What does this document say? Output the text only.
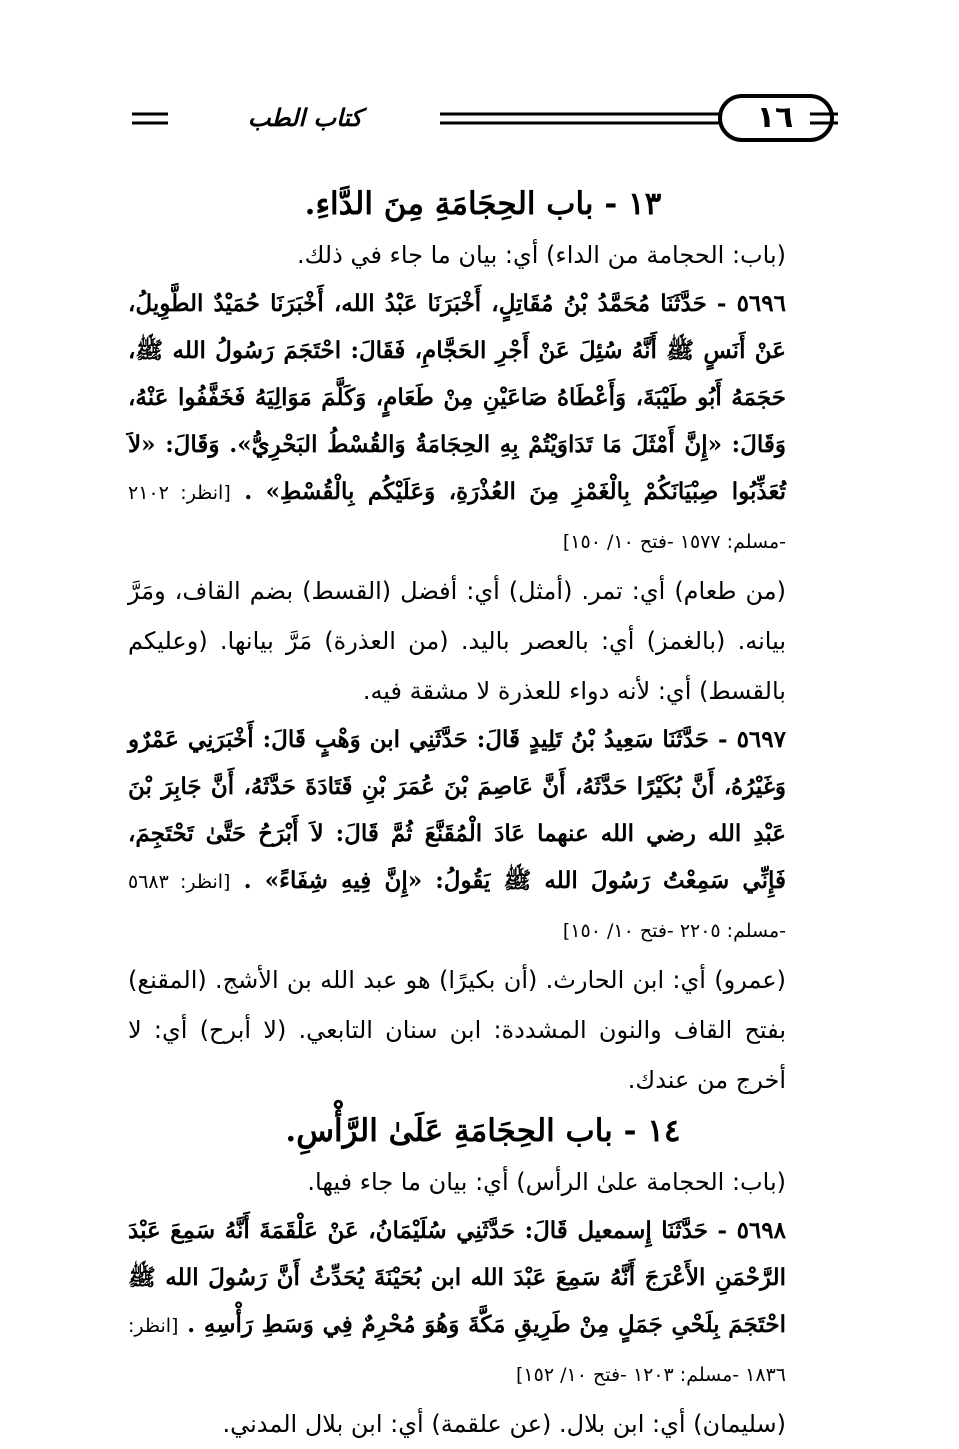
١٦
كتاب الطب
١٣ - باب الحِجَامَةِ مِنَ الدَّاءِ.

(باب: الحجامة من الداء) أي: بيان ما جاء في ذلك.

٥٦٩٦ - حَدَّثَنَا مُحَمَّدُ بْنُ مُقَاتِلٍ، أَخْبَرَنَا عَبْدُ الله، أَخْبَرَنَا حُمَيْدٌ الطَّوِيلُ، عَنْ أَنَسٍ ﷺ أَنَّهُ سُئِلَ عَنْ أَجْرِ الحَجَّامِ، فَقَالَ: احْتَجَمَ رَسُولُ الله ﷺ، حَجَمَهُ أَبُو طَيْبَةَ، وَأَعْطَاهُ صَاعَيْنِ مِنْ طَعَامٍ، وَكَلَّمَ مَوَالِيَهُ فَخَفَّفُوا عَنْهُ، وَقَالَ: «إِنَّ أَمْثَلَ مَا تَدَاوَيْتُمْ بِهِ الحِجَامَةُ وَالقُسْطُ البَحْرِيُّ». وَقَالَ: «لاَ تُعَذِّبُوا صِبْيَانَكُمْ بِالْغَمْزِ مِنَ العُذْرَةِ، وَعَلَيْكُم بِالْقُسْطِ» . [انظر: ٢١٠٢ -مسلم: ١٥٧٧ -فتح ١٠/ ١٥٠]

(من طعام) أي: تمر. (أمثل) أي: أفضل (القسط) بضم القاف، ومَرَّ بيانه. (بالغمز) أي: بالعصر باليد. (من العذرة) مَرَّ بيانها. (وعليكم بالقسط) أي: لأنه دواء للعذرة لا مشقة فيه.

٥٦٩٧ - حَدَّثَنَا سَعِيدُ بْنُ تَلِيدٍ قَالَ: حَدَّثَنِي ابن وَهْبٍ قَالَ: أَخْبَرَنِي عَمْرٌو وَغَيْرُهُ، أَنَّ بُكَيْرًا حَدَّثَهُ، أَنَّ عَاصِمَ بْنَ عُمَرَ بْنِ قَتَادَةَ حَدَّثَهُ، أَنَّ جَابِرَ بْنَ عَبْدِ الله رضي الله عنهما عَادَ الْمُقَنَّعَ ثُمَّ قَالَ: لاَ أَبْرَحُ حَتَّىٰ تَحْتَجِمَ، فَإِنِّي سَمِعْتُ رَسُولَ الله ﷺ يَقُولُ: «إِنَّ فِيهِ شِفَاءً» . [انظر: ٥٦٨٣ -مسلم: ٢٢٠٥ -فتح ١٠/ ١٥٠]

(عمرو) أي: ابن الحارث. (أن بكيرًا) هو عبد الله بن الأشج. (المقنع) بفتح القاف والنون المشددة: ابن سنان التابعي. (لا أبرح) أي: لا أخرج من عندك.

١٤ - باب الحِجَامَةِ عَلَىٰ الرَّأْسِ.

(باب: الحجامة علىٰ الرأس) أي: بيان ما جاء فيها.

٥٦٩٨ - حَدَّثَنَا إِسمعيل قَالَ: حَدَّثَنِي سُلَيْمَانُ، عَنْ عَلْقَمَةَ أَنَّهُ سَمِعَ عَبْدَ الرَّحْمَنِ الأَعْرَجَ أَنَّهُ سَمِعَ عَبْدَ الله ابن بُحَيْنَةَ يُحَدِّثُ أَنَّ رَسُولَ الله ﷺ احْتَجَمَ بِلَحْىِ جَمَلٍ مِنْ طَرِيقِ مَكَّةَ وَهُوَ مُحْرِمٌ فِي وَسَطِ رَأْسِهِ . [انظر: ١٨٣٦ -مسلم: ١٢٠٣ -فتح ١٠/ ١٥٢]

(سليمان) أي: ابن بلال. (عن علقمة) أي: ابن بلال المدني.
